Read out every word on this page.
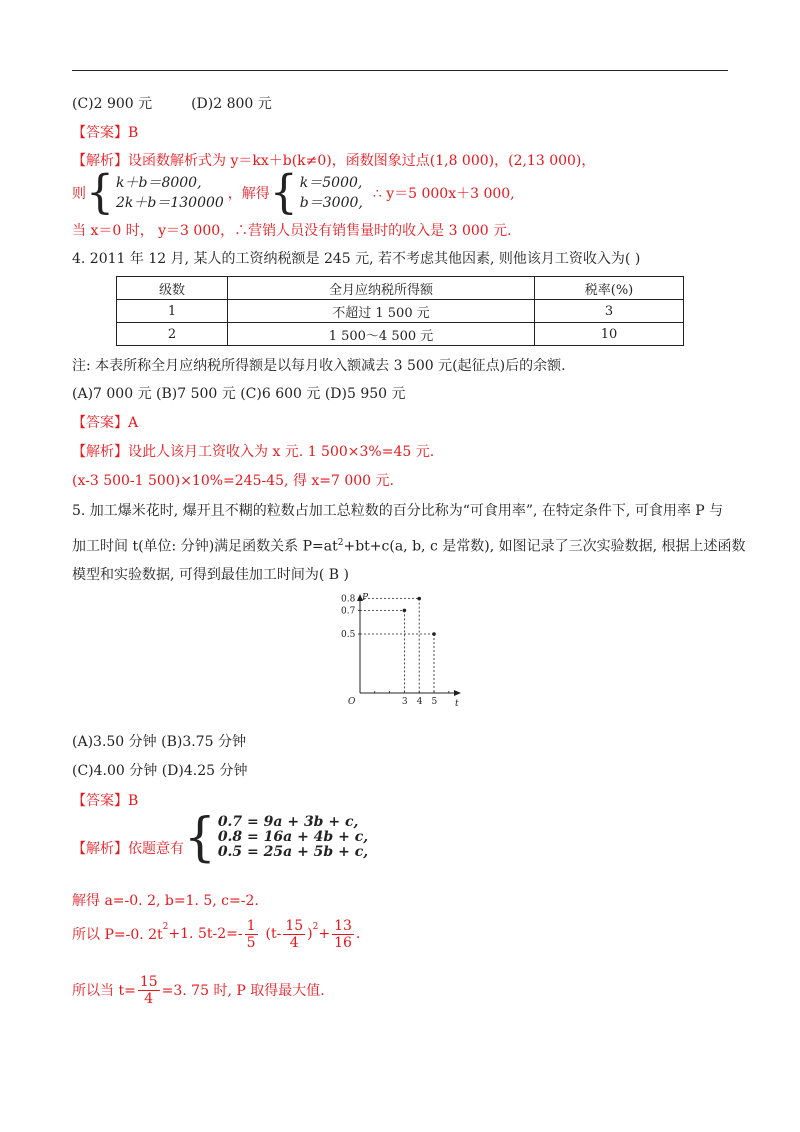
(C)2 900 元	(D)2 800 元
【答案】B
【解析】设函数解析式为 y＝kx＋b(k≠0)，函数图象过点(1,8 000)，(2,13 000)，
则 { k＋b＝8000,
2k＋b＝130000
，解得 { k＝5000,
b＝3000,
∴ y＝5 000x＋3 000,
当 x＝0 时， y＝3 000，∴营销人员没有销售量时的收入是 3 000 元.
4. 2011 年 12 月, 某人的工资纳税额是 245 元, 若不考虑其他因素, 则他该月工资收入为( )
级数	全月应纳税所得额	税率(%)
1	不超过 1 500 元	3
2	1 500～4 500 元	10
注: 本表所称全月应纳税所得额是以每月收入额减去 3 500 元(起征点)后的余额.
(A)7 000 元 (B)7 500 元 (C)6 600 元 (D)5 950 元
【答案】A
【解析】设此人该月工资收入为 x 元. 1 500×3%=45 元.
(x-3 500-1 500)×10%=245-45, 得 x=7 000 元.
5. 加工爆米花时, 爆开且不糊的粒数占加工总粒数的百分比称为“可食用率”, 在特定条件下, 可食用率 P 与
加工时间 t(单位: 分钟)满足函数关系 $P=at^2+bt+c(a$, b, c 是常数), 如图记录了三次实验数据, 根据上述函数
模型和实验数据, 可得到最佳加工时间为( B )
O
P
t
0.8
0.7
0.5
3 4 5
(A)3.50 分钟 (B)3.75 分钟
(C)4.00 分钟 (D)4.25 分钟
【答案】B
【解析】依题意有 { 0.7 = 9a + 3b + c,
0.8 = 16a + 4b + c,
0.5 = 25a + 5b + c,
解得 a=-0. 2, b=1. 5, c=-2.
所以 P=-0. $2t^2 +1$. $5t-2=- \frac{1}{5} (t- \frac{15}{4} )^2 + \frac{13}{16}$ .
所以当 $t= \frac{15}{4} =3$. 75 时, P 取得最大值.
